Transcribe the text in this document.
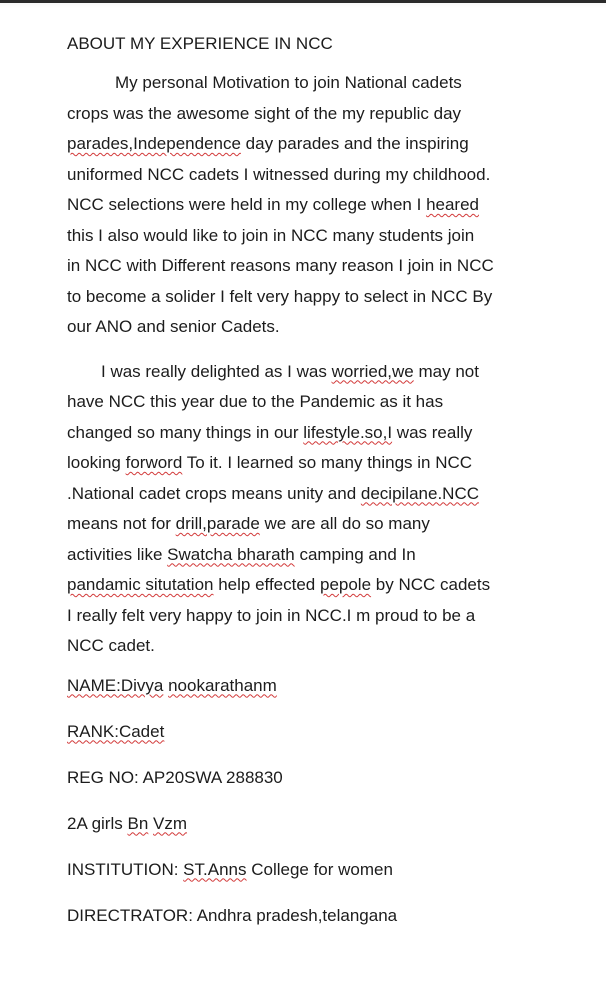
ABOUT MY EXPERIENCE IN NCC

My personal Motivation to join National cadets
crops was the awesome sight of the my republic day
parades,Independence day parades and the inspiring
uniformed NCC cadets I witnessed during my childhood.
NCC selections were held in my college when I heared
this I also would like to join in NCC many students join
in NCC with Different reasons many reason I join in NCC
to become a solider I felt very happy to select in NCC By
our ANO and senior Cadets.

I was really delighted as I was worried,we may not
have NCC this year due to the Pandemic as it has
changed so many things in our lifestyle.so,I was really
looking forword To it. I learned so many things in NCC
.National cadet crops means unity and decipilane.NCC
means not for drill,parade we are all do so many
activities like Swatcha bharath camping and In
pandamic situtation help effected pepole by NCC cadets
I really felt very happy to join in NCC.I m proud to be a
NCC cadet.

NAME:Divya nookarathanm
RANK:Cadet
REG NO: AP20SWA 288830
2A girls Bn Vzm
INSTITUTION: ST.Anns College for women
DIRECTRATOR: Andhra pradesh,telangana
